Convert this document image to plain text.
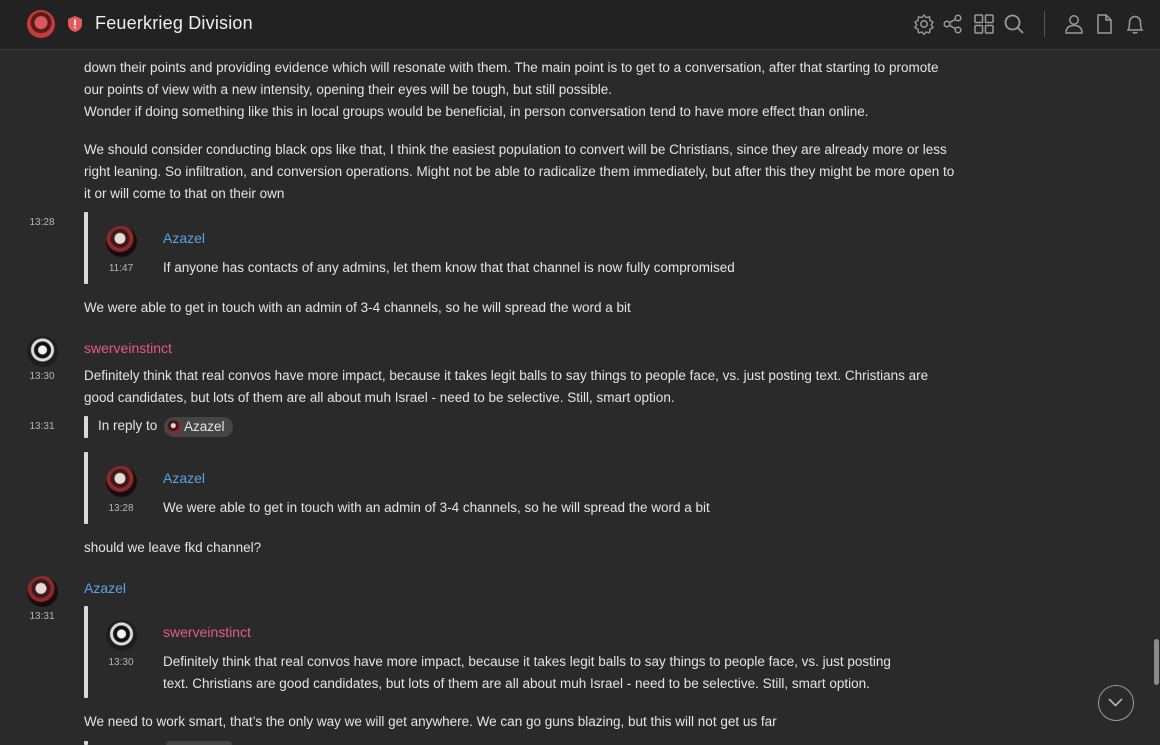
down their points and providing evidence which will resonate with them. The main point is to get to a conversation, after that starting to promote
our points of view with a new intensity, opening their eyes will be tough, but still possible.
Wonder if doing something like this in local groups would be beneficial, in person conversation tend to have more effect than online.
We should consider conducting black ops like that, I think the easiest population to convert will be Christians, since they are already more or less
right leaning. So infiltration, and conversion operations. Might not be able to radicalize them immediately, but after this they might be more open to
it or will come to that on their own
13:28
Azazel
11:47	If anyone has contacts of any admins, let them know that that channel is now fully compromised
We were able to get in touch with an admin of 3-4 channels, so he will spread the word a bit
swerveinstinct
13:30	Definitely think that real convos have more impact, because it takes legit balls to say things to people face, vs. just posting text. Christians are
good candidates, but lots of them are all about muh Israel - need to be selective. Still, smart option.
13:31	In reply to	Azazel
Azazel
13:28	We were able to get in touch with an admin of 3-4 channels, so he will spread the word a bit
should we leave fkd channel?
Azazel
13:31
swerveinstinct
13:30	Definitely think that real convos have more impact, because it takes legit balls to say things to people face, vs. just posting
text. Christians are good candidates, but lots of them are all about muh Israel - need to be selective. Still, smart option.
We need to work smart, that’s the only way we will get anywhere. We can go guns blazing, but this will not get us far
Feuerkrieg Division
